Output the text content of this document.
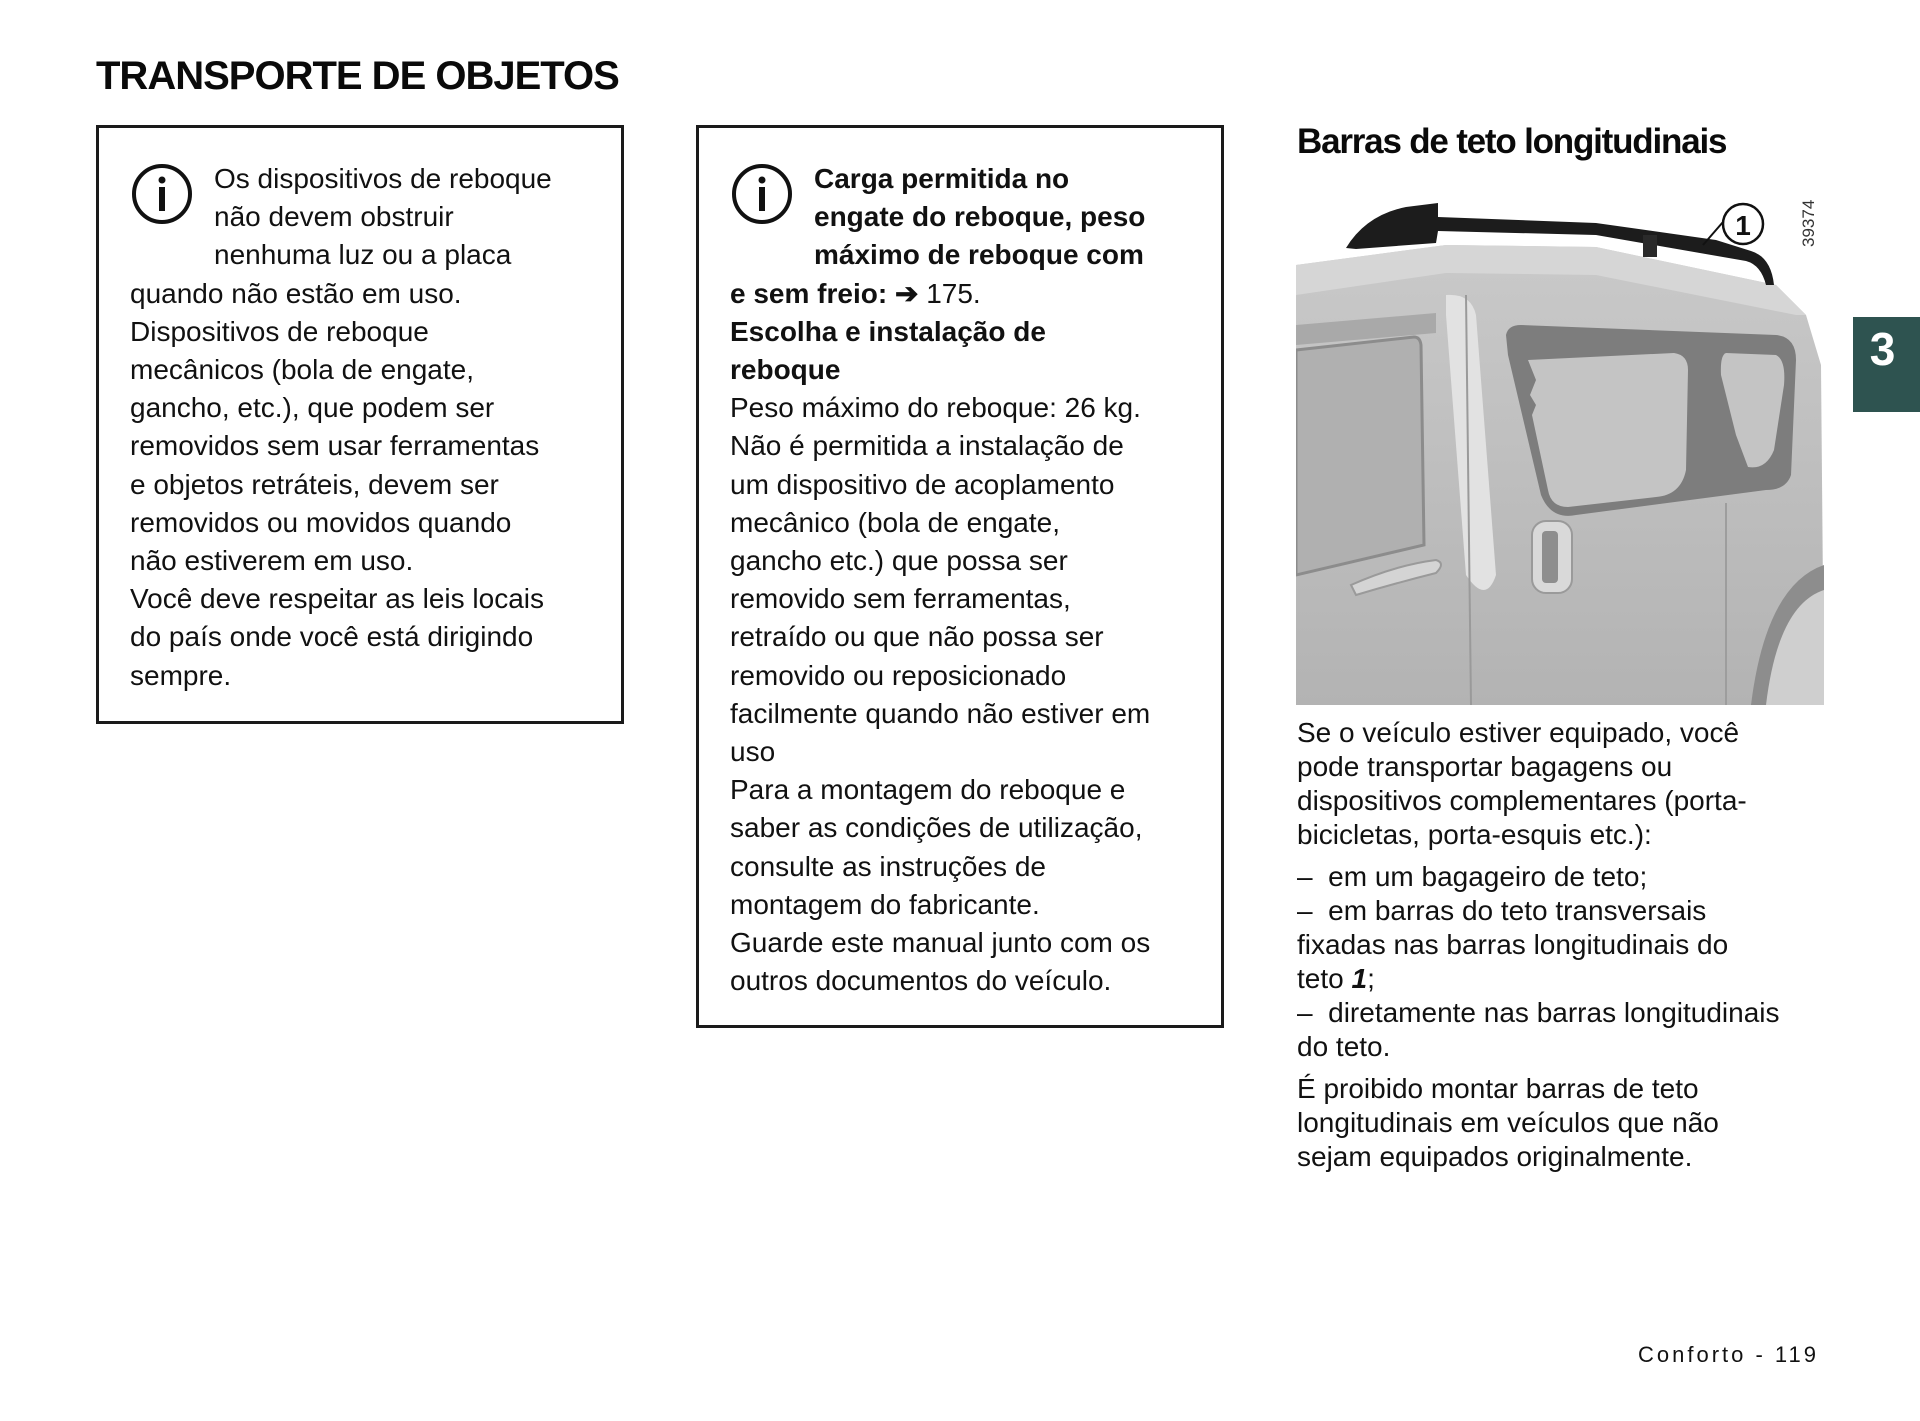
TRANSPORTE DE OBJETOS
Os dispositivos de reboque
não devem obstruir
nenhuma luz ou a placa

quando não estão em uso.

Dispositivos de reboque

mecânicos (bola de engate,

gancho, etc.), que podem ser

removidos sem usar ferramentas

e objetos retráteis, devem ser

removidos ou movidos quando

não estiverem em uso.

Você deve respeitar as leis locais

do país onde você está dirigindo

sempre.

Carga permitida no
engate do reboque, peso
máximo de reboque com

e sem freio: ➔ 175.

Escolha e instalação de

reboque

Peso máximo do reboque: 26 kg.

Não é permitida a instalação de

um dispositivo de acoplamento

mecânico (bola de engate,

gancho etc.) que possa ser

removido sem ferramentas,

retraído ou que não possa ser

removido ou reposicionado

facilmente quando não estiver em

uso

Para a montagem do reboque e

saber as condições de utilização,

consulte as instruções de

montagem do fabricante.

Guarde este manual junto com os

outros documentos do veículo.

Barras de teto longitudinais
1	39374

Se o veículo estiver equipado, você
pode transportar bagagens ou
dispositivos complementares (porta-
bicicletas, porta-esquis etc.):

– em um bagageiro de teto;

– em barras do teto transversais
fixadas nas barras longitudinais do
teto 1;

– diretamente nas barras longitudinais
do teto.

É proibido montar barras de teto
longitudinais em veículos que não
sejam equipados originalmente.

Conforto - 119
3
